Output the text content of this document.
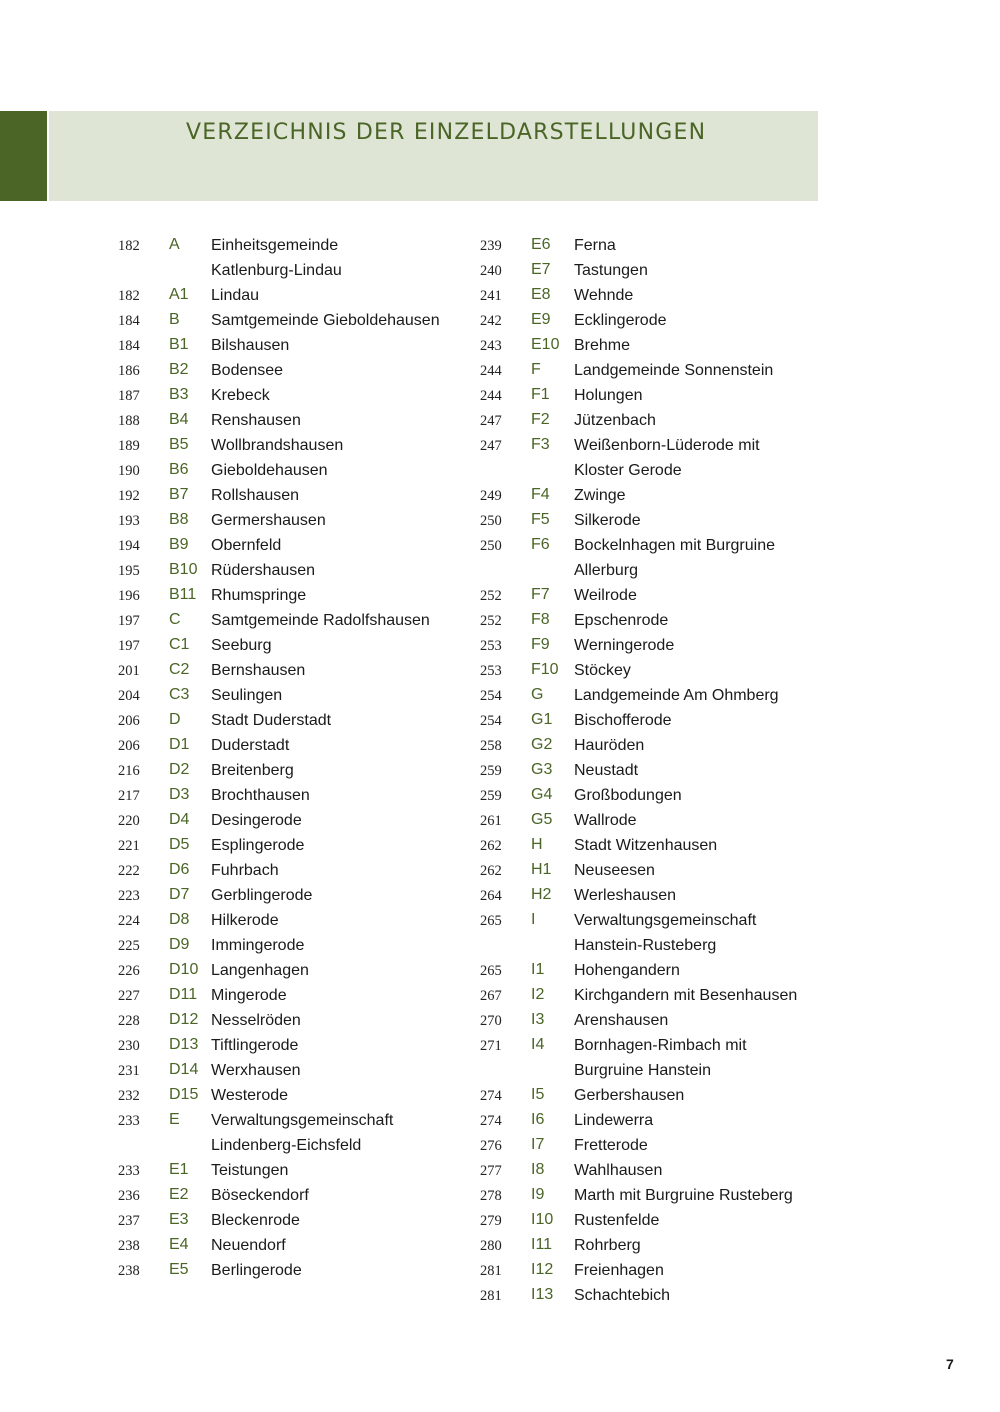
VERZEICHNIS DER EINZELDARSTELLUNGEN
182 A Einheitsgemeinde
Katlenburg-Lindau
182 A1 Lindau
184 B Samtgemeinde Gieboldehausen
184 B1 Bilshausen
186 B2 Bodensee
187 B3 Krebeck
188 B4 Renshausen
189 B5 Wollbrandshausen
190 B6 Gieboldehausen
192 B7 Rollshausen
193 B8 Germershausen
194 B9 Obernfeld
195 B10 Rüdershausen
196 B11 Rhumspringe
197 C Samtgemeinde Radolfshausen
197 C1 Seeburg
201 C2 Bernshausen
204 C3 Seulingen
206 D Stadt Duderstadt
206 D1 Duderstadt
216 D2 Breitenberg
217 D3 Brochthausen
220 D4 Desingerode
221 D5 Esplingerode
222 D6 Fuhrbach
223 D7 Gerblingerode
224 D8 Hilkerode
225 D9 Immingerode
226 D10 Langenhagen
227 D11 Mingerode
228 D12 Nesselröden
230 D13 Tiftlingerode
231 D14 Werxhausen
232 D15 Westerode
233 E Verwaltungsgemeinschaft
Lindenberg-Eichsfeld
233 E1 Teistungen
236 E2 Böseckendorf
237 E3 Bleckenrode
238 E4 Neuendorf
238 E5 Berlingerode
239 E6 Ferna
240 E7 Tastungen
241 E8 Wehnde
242 E9 Ecklingerode
243 E10 Brehme
244 F Landgemeinde Sonnenstein
244 F1 Holungen
247 F2 Jützenbach
247 F3 Weißenborn-Lüderode mit
Kloster Gerode
249 F4 Zwinge
250 F5 Silkerode
250 F6 Bockelnhagen mit Burgruine
Allerburg
252 F7 Weilrode
252 F8 Epschenrode
253 F9 Werningerode
253 F10 Stöckey
254 G Landgemeinde Am Ohmberg
254 G1 Bischofferode
258 G2 Hauröden
259 G3 Neustadt
259 G4 Großbodungen
261 G5 Wallrode
262 H Stadt Witzenhausen
262 H1 Neuseesen
264 H2 Werleshausen
265 I Verwaltungsgemeinschaft
Hanstein-Rusteberg
265 I1 Hohengandern
267 I2 Kirchgandern mit Besenhausen
270 I3 Arenshausen
271 I4 Bornhagen-Rimbach mit
Burgruine Hanstein
274 I5 Gerbershausen
274 I6 Lindewerra
276 I7 Fretterode
277 I8 Wahlhausen
278 I9 Marth mit Burgruine Rusteberg
279 I10 Rustenfelde
280 I11 Rohrberg
281 I12 Freienhagen
281 I13 Schachtebich
7
